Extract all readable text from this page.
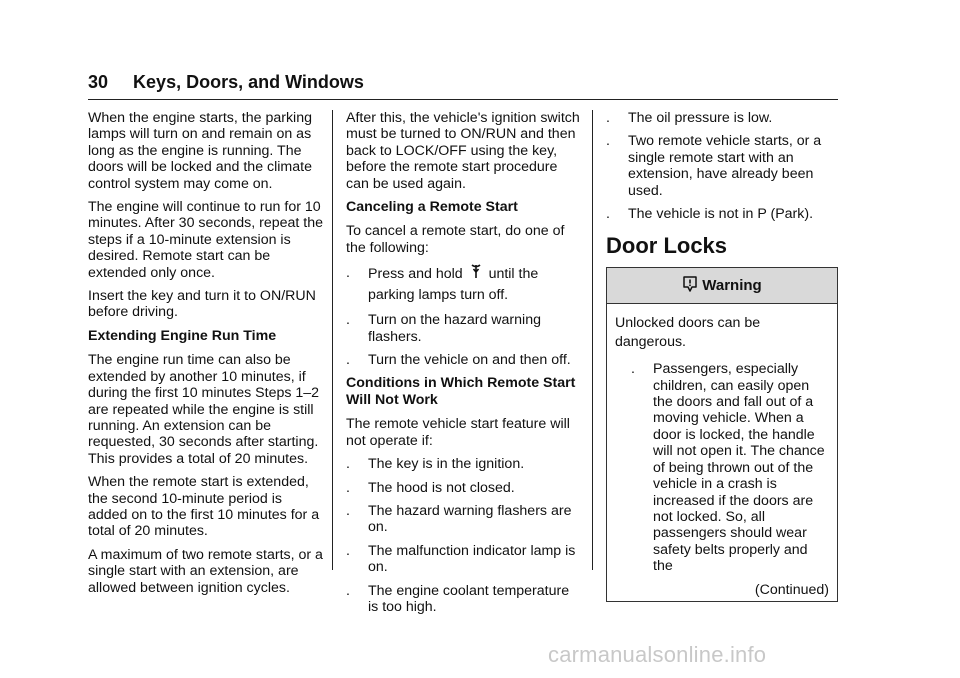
30 Keys, Doors, and Windows

When the engine starts, the parking lamps will turn on and remain on as long as the engine is running. The doors will be locked and the climate control system may come on.

The engine will continue to run for 10 minutes. After 30 seconds, repeat the steps if a 10-minute extension is desired. Remote start can be extended only once.

Insert the key and turn it to ON/RUN before driving.

Extending Engine Run Time

The engine run time can also be extended by another 10 minutes, if during the first 10 minutes Steps 1–2 are repeated while the engine is still running. An extension can be requested, 30 seconds after starting. This provides a total of 20 minutes.

When the remote start is extended, the second 10-minute period is added on to the first 10 minutes for a total of 20 minutes.

A maximum of two remote starts, or a single start with an extension, are allowed between ignition cycles.

After this, the vehicle's ignition switch must be turned to ON/RUN and then back to LOCK/OFF using the key, before the remote start procedure can be used again.

Canceling a Remote Start

To cancel a remote start, do one of the following:

. Press and hold until the parking lamps turn off.
. Turn on the hazard warning flashers.
. Turn the vehicle on and then off.

Conditions in Which Remote Start Will Not Work

The remote vehicle start feature will not operate if:

. The key is in the ignition.
. The hood is not closed.
. The hazard warning flashers are on.
. The malfunction indicator lamp is on.
. The engine coolant temperature is too high.
. The oil pressure is low.
. Two remote vehicle starts, or a single remote start with an extension, have already been used.
. The vehicle is not in P (Park).
Door Locks
Warning

Unlocked doors can be dangerous.

. Passengers, especially children, can easily open the doors and fall out of a moving vehicle. When a door is locked, the handle will not open it. The chance of being thrown out of the vehicle in a crash is increased if the doors are not locked. So, all passengers should wear safety belts properly and the
(Continued)
carmanualsonline.info
